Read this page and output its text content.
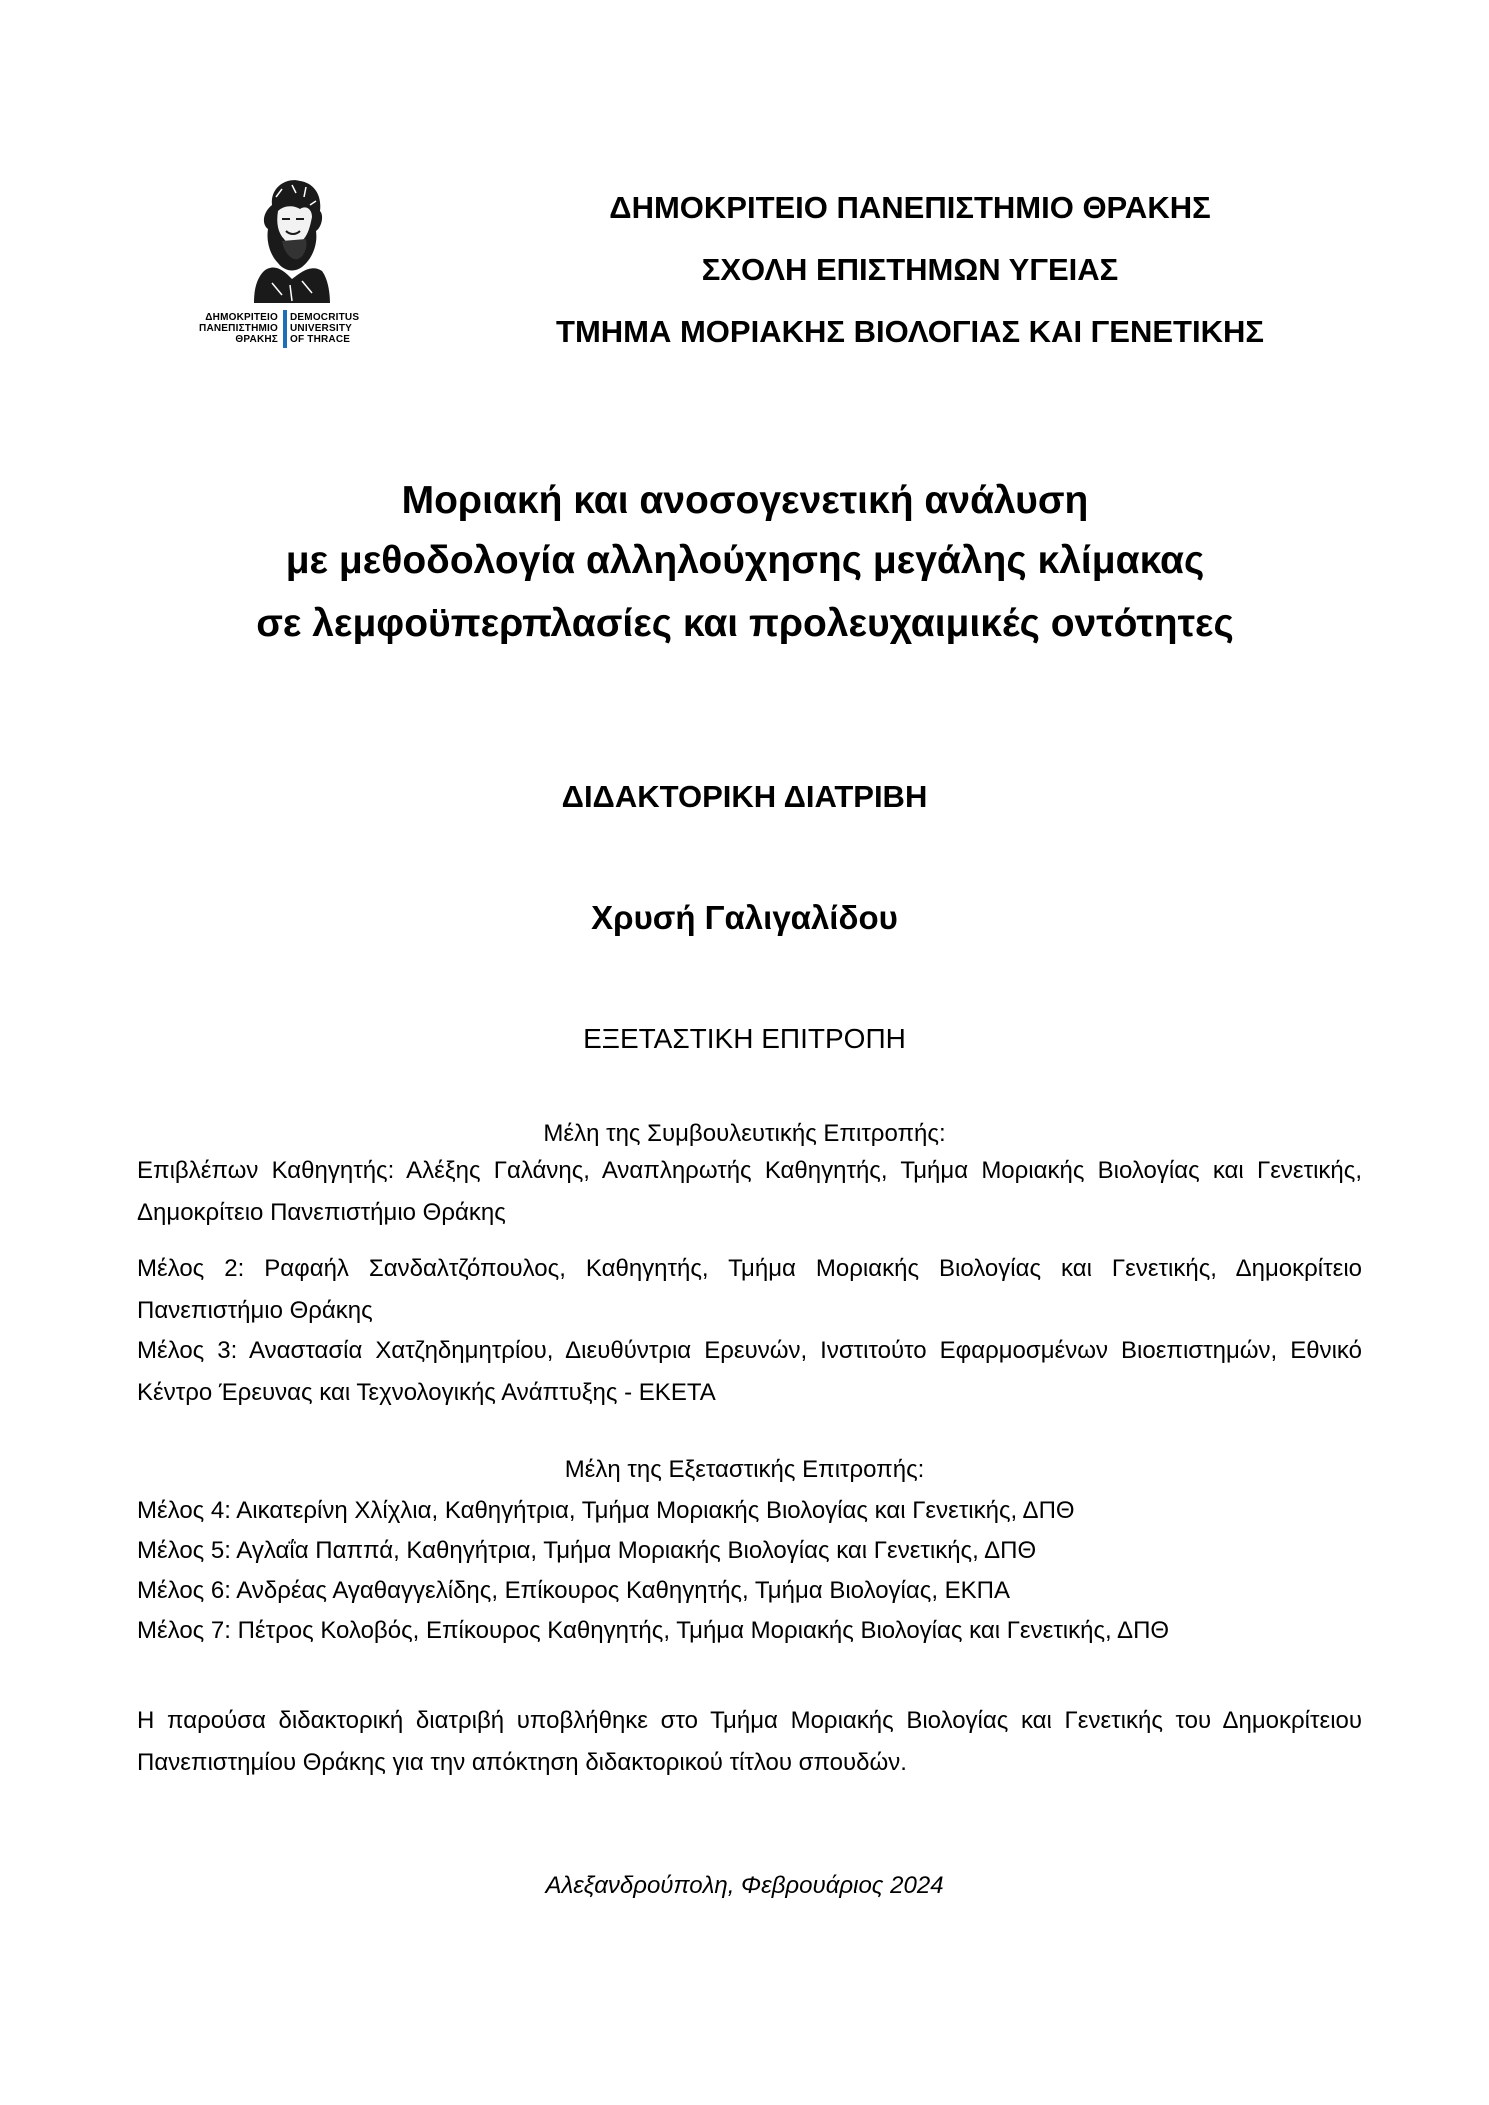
ΔΗΜΟΚΡΙΤΕΙΟ
ΠΑΝΕΠΙΣΤΗΜΙΟ
ΘΡΑΚΗΣ
DEMOCRITUS
UNIVERSITY
OF THRACE
ΔΗΜΟΚΡΙΤΕΙΟ ΠΑΝΕΠΙΣΤΗΜΙΟ ΘΡΑΚΗΣ
ΣΧΟΛΗ ΕΠΙΣΤΗΜΩΝ ΥΓΕΙΑΣ
ΤΜΗΜΑ ΜΟΡΙΑΚΗΣ ΒΙΟΛΟΓΙΑΣ ΚΑΙ ΓΕΝΕΤΙΚΗΣ
Μοριακή και ανοσογενετική ανάλυση
με μεθοδολογία αλληλούχησης μεγάλης κλίμακας
σε λεμφοϋπερπλασίες και προλευχαιμικές οντότητες
ΔΙΔΑΚΤΟΡΙΚΗ ΔΙΑΤΡΙΒΗ
Χρυσή Γαλιγαλίδου
ΕΞΕΤΑΣΤΙΚΗ ΕΠΙΤΡΟΠΗ
Μέλη της Συμβουλευτικής Επιτροπής:
Επιβλέπων Καθηγητής: Αλέξης Γαλάνης, Αναπληρωτής Καθηγητής, Τμήμα Μοριακής Βιολογίας και Γενετικής, Δημοκρίτειο Πανεπιστήμιο Θράκης
Μέλος 2: Ραφαήλ Σανδαλτζόπουλος, Καθηγητής, Τμήμα Μοριακής Βιολογίας και Γενετικής, Δημοκρίτειο Πανεπιστήμιο Θράκης
Μέλος 3: Αναστασία Χατζηδημητρίου, Διευθύντρια Ερευνών, Ινστιτούτο Εφαρμοσμένων Βιοεπιστημών, Εθνικό Κέντρο Έρευνας και Τεχνολογικής Ανάπτυξης - ΕΚΕΤΑ
Μέλη της Εξεταστικής Επιτροπής:
Μέλος 4: Αικατερίνη Χλίχλια, Καθηγήτρια, Τμήμα Μοριακής Βιολογίας και Γενετικής, ΔΠΘ
Μέλος 5: Αγλαΐα Παππά, Καθηγήτρια, Τμήμα Μοριακής Βιολογίας και Γενετικής, ΔΠΘ
Μέλος 6: Ανδρέας Αγαθαγγελίδης, Επίκουρος Καθηγητής, Τμήμα Βιολογίας, ΕΚΠΑ
Μέλος 7: Πέτρος Κολοβός, Επίκουρος Καθηγητής, Τμήμα Μοριακής Βιολογίας και Γενετικής, ΔΠΘ
Η παρούσα διδακτορική διατριβή υποβλήθηκε στο Τμήμα Μοριακής Βιολογίας και Γενετικής του Δημοκρίτειου Πανεπιστημίου Θράκης για την απόκτηση διδακτορικού τίτλου σπουδών.
Αλεξανδρούπολη, Φεβρουάριος 2024
